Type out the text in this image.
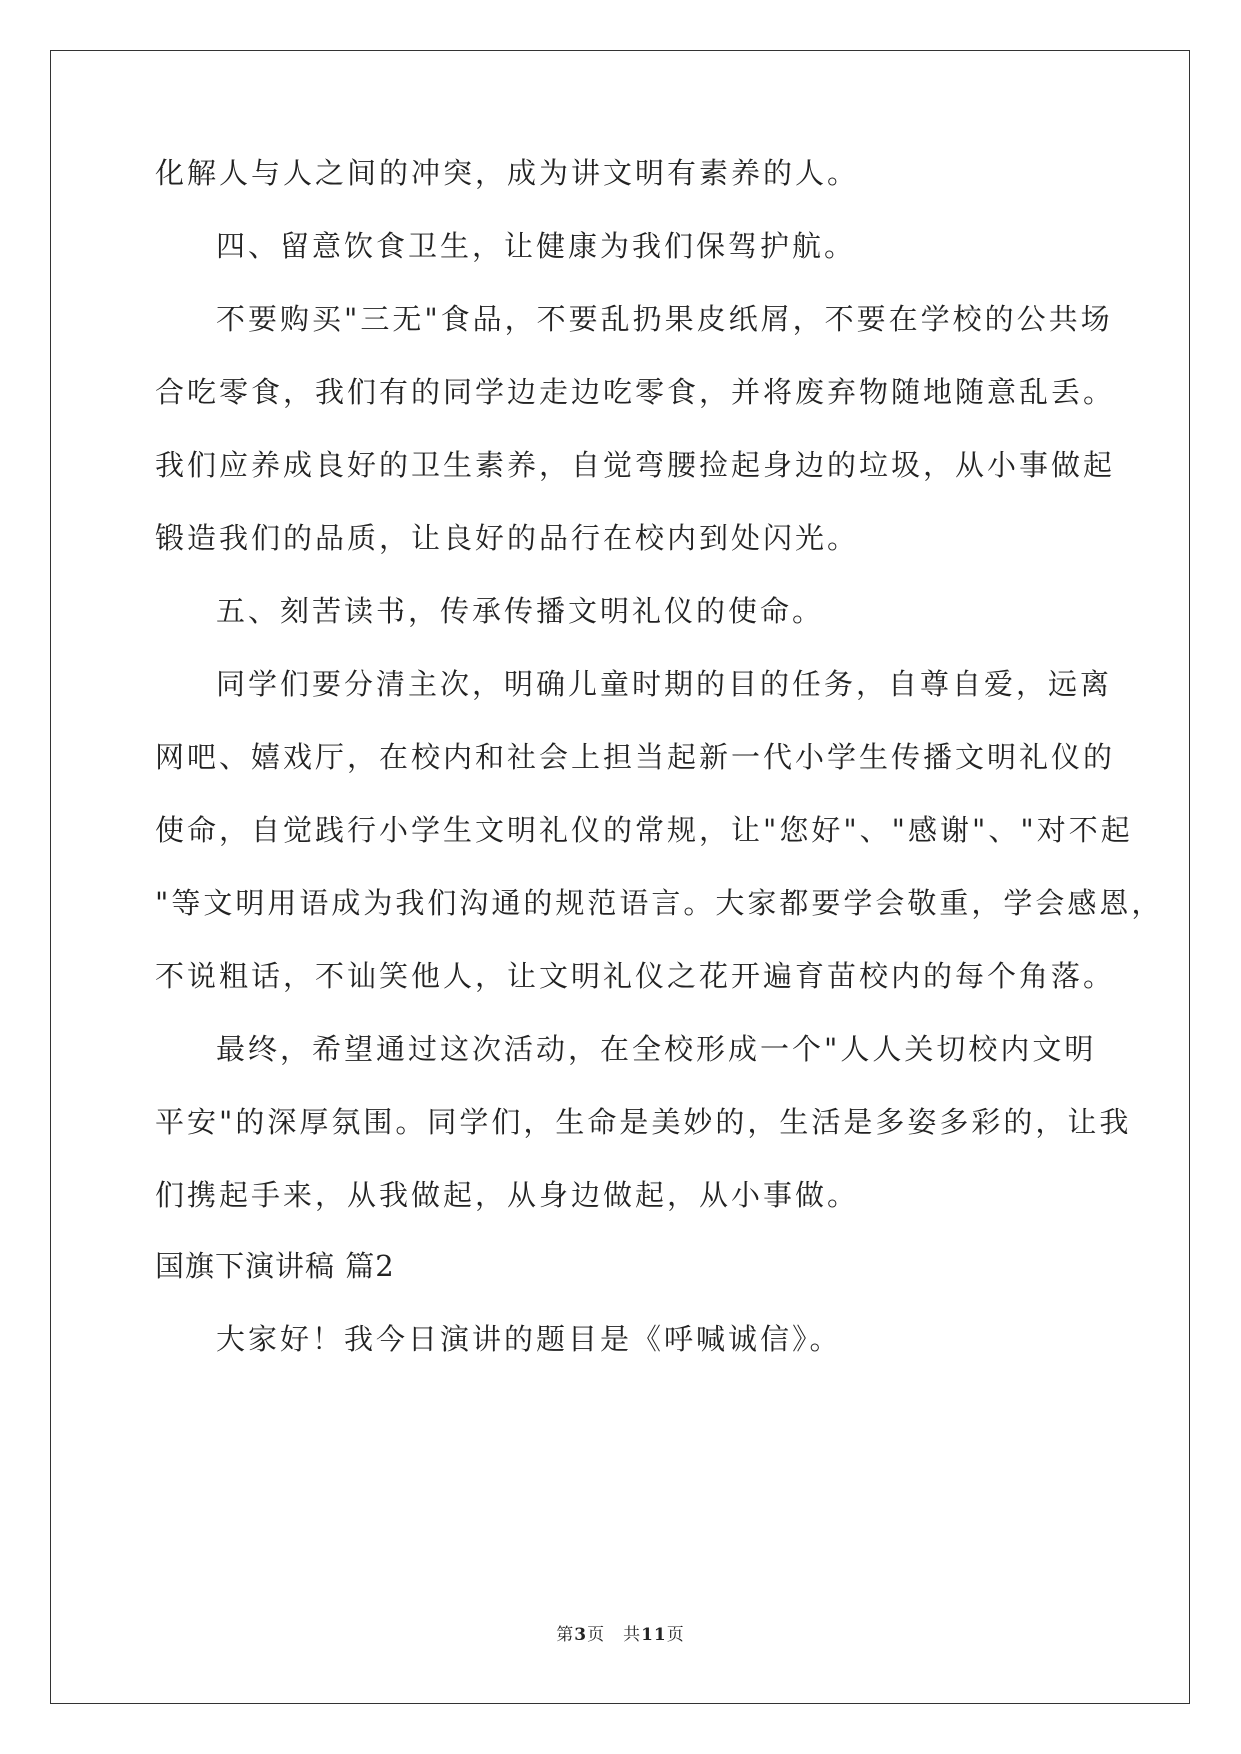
化解人与人之间的冲突，成为讲文明有素养的人。
四、留意饮食卫生，让健康为我们保驾护航。
不要购买"三无"食品，不要乱扔果皮纸屑，不要在学校的公共场
合吃零食，我们有的同学边走边吃零食，并将废弃物随地随意乱丢。
我们应养成良好的卫生素养，自觉弯腰捡起身边的垃圾，从小事做起
锻造我们的品质，让良好的品行在校内到处闪光。
五、刻苦读书，传承传播文明礼仪的使命。
同学们要分清主次，明确儿童时期的目的任务，自尊自爱，远离
网吧、嬉戏厅，在校内和社会上担当起新一代小学生传播文明礼仪的
使命，自觉践行小学生文明礼仪的常规，让"您好"、"感谢"、"对不起
"等文明用语成为我们沟通的规范语言。大家都要学会敬重，学会感恩，
不说粗话，不讪笑他人，让文明礼仪之花开遍育苗校内的每个角落。
最终，希望通过这次活动，在全校形成一个"人人关切校内文明
平安"的深厚氛围。同学们，生命是美妙的，生活是多姿多彩的，让我
们携起手来，从我做起，从身边做起，从小事做。
国旗下演讲稿 篇2
大家好！我今日演讲的题目是《呼喊诚信》。
第3页　共11页
